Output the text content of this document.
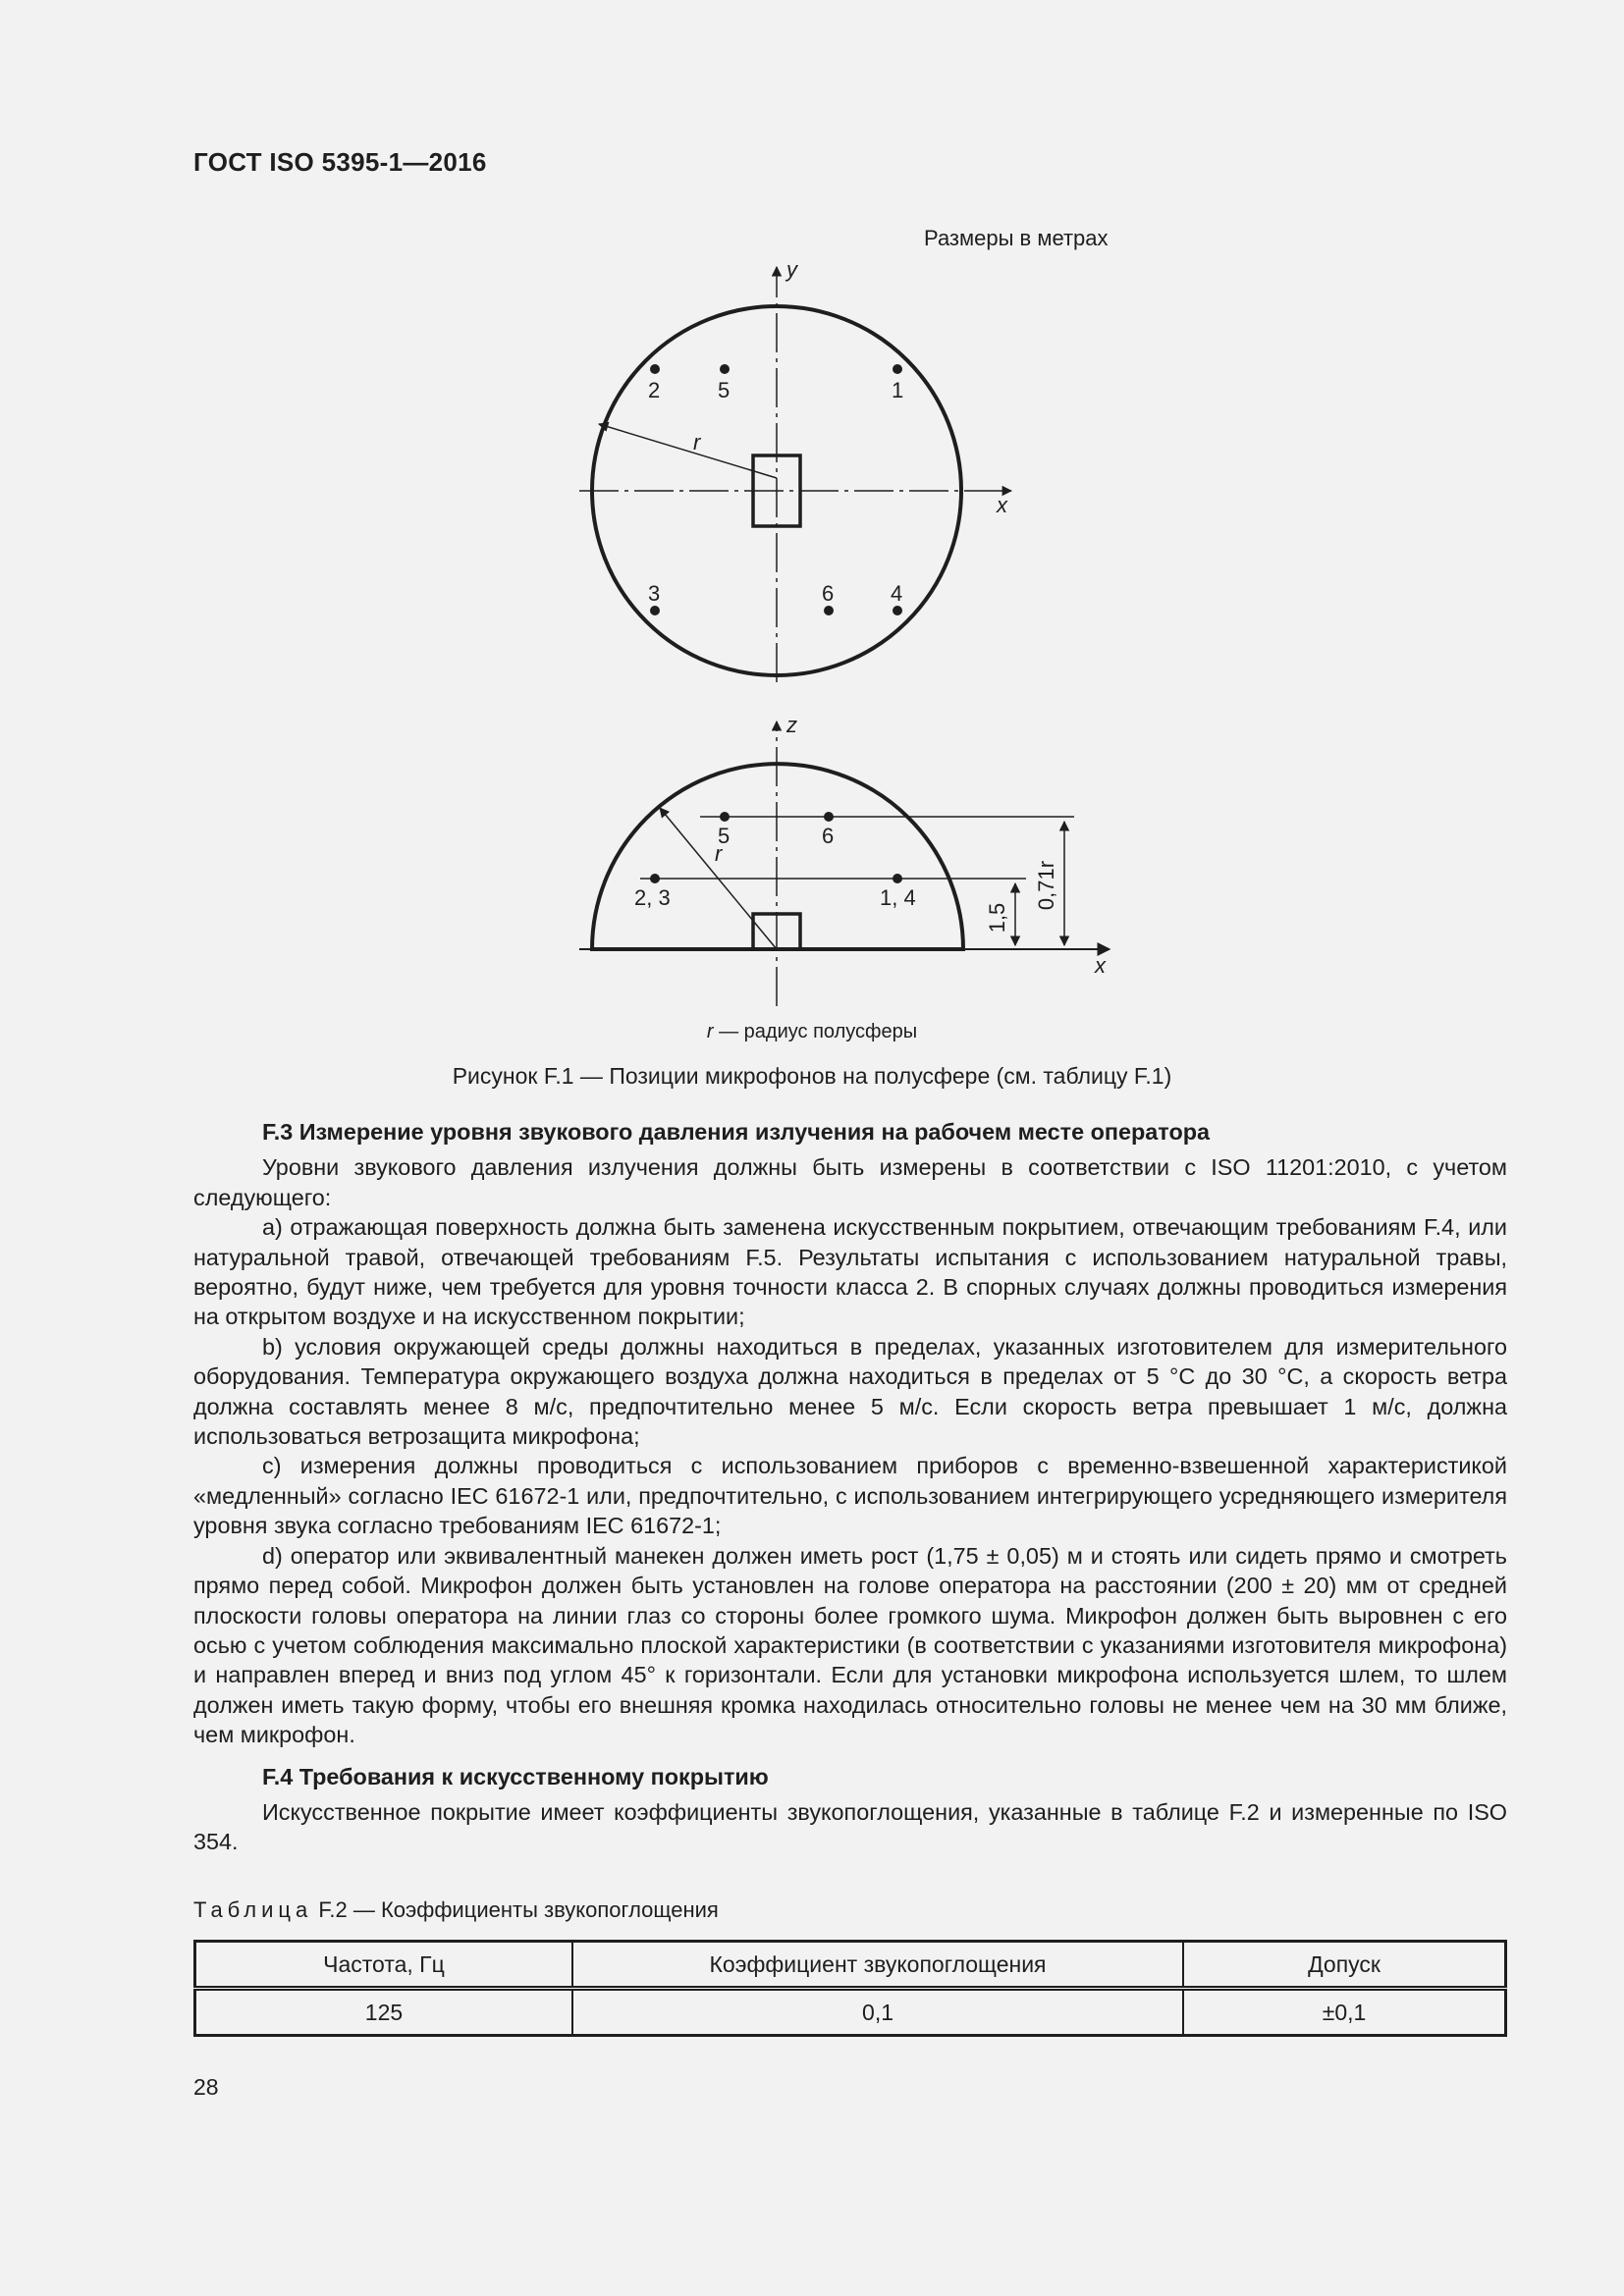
ГОСТ ISO 5395-1—2016
Размеры в метрах
y
x
r
2	5	1
3	6	4
z
x
r
5	6
2, 3	1, 4
1,5
0,71r
r — радиус полусферы
Рисунок F.1 — Позиции микрофонов на полусфере (см. таблицу F.1)
F.3 Измерение уровня звукового давления излучения на рабочем месте оператора

Уровни звукового давления излучения должны быть измерены в соответствии с ISO 11201:2010, с учетом следующего:

a) отражающая поверхность должна быть заменена искусственным покрытием, отвечающим требованиям F.4, или натуральной травой, отвечающей требованиям F.5. Результаты испытания с использованием натуральной травы, вероятно, будут ниже, чем требуется для уровня точности класса 2. В спорных случаях должны проводиться измерения на открытом воздухе и на искусственном покрытии;

b) условия окружающей среды должны находиться в пределах, указанных изготовителем для измерительного оборудования. Температура окружающего воздуха должна находиться в пределах от 5 °С до 30 °С, а скорость ветра должна составлять менее 8 м/с, предпочтительно менее 5 м/с. Если скорость ветра превышает 1 м/с, должна использоваться ветрозащита микрофона;

c) измерения должны проводиться с использованием приборов с временно-взвешенной характеристикой «медленный» согласно IEC 61672-1 или, предпочтительно, с использованием интегрирующего усредняющего измерителя уровня звука согласно требованиям IEC 61672-1;

d) оператор или эквивалентный манекен должен иметь рост (1,75 ± 0,05) м и стоять или сидеть прямо и смотреть прямо перед собой. Микрофон должен быть установлен на голове оператора на расстоянии (200 ± 20) мм от средней плоскости головы оператора на линии глаз со стороны более громкого шума. Микрофон должен быть выровнен с его осью с учетом соблюдения максимально плоской характеристики (в соответствии с указаниями изготовителя микрофона) и направлен вперед и вниз под углом 45° к горизонтали. Если для установки микрофона используется шлем, то шлем должен иметь такую форму, чтобы его внешняя кромка находилась относительно головы не менее чем на 30 мм ближе, чем микрофон.

F.4 Требования к искусственному покрытию

Искусственное покрытие имеет коэффициенты звукопоглощения, указанные в таблице F.2 и измеренные по ISO 354.

Таблица F.2 — Коэффициенты звукопоглощения
Частота, Гц	Коэффициент звукопоглощения	Допуск
125	0,1	±0,1
28
